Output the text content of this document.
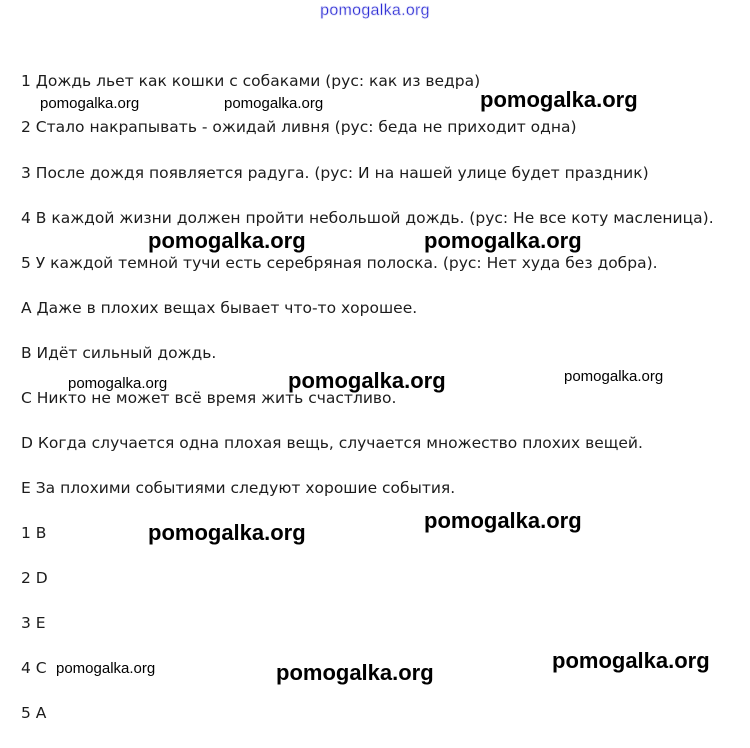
pomogalka.org
1 Дождь льет как кошки с собаками (рус: как из ведра)
2 Стало накрапывать - ожидай ливня (рус: беда не приходит одна)
3 После дождя появляется радуга. (рус: И на нашей улице будет праздник)
4 В каждой жизни должен пройти небольшой дождь. (рус: Не все коту масленица).
5 У каждой темной тучи есть серебряная полоска. (рус: Нет худа без добра).
A Даже в плохих вещах бывает что-то хорошее.
B Идёт сильный дождь.
C Никто не может всё время жить счастливо.
D Когда случается одна плохая вещь, случается множество плохих вещей.
E За плохими событиями следуют хорошие события.
1 B
2 D
3 E
4 C
5 A
pomogalka.org	pomogalka.org	pomogalka.org
pomogalka.org	pomogalka.org
pomogalka.org	pomogalka.org	pomogalka.org
pomogalka.org	pomogalka.org
pomogalka.org	pomogalka.org	pomogalka.org
